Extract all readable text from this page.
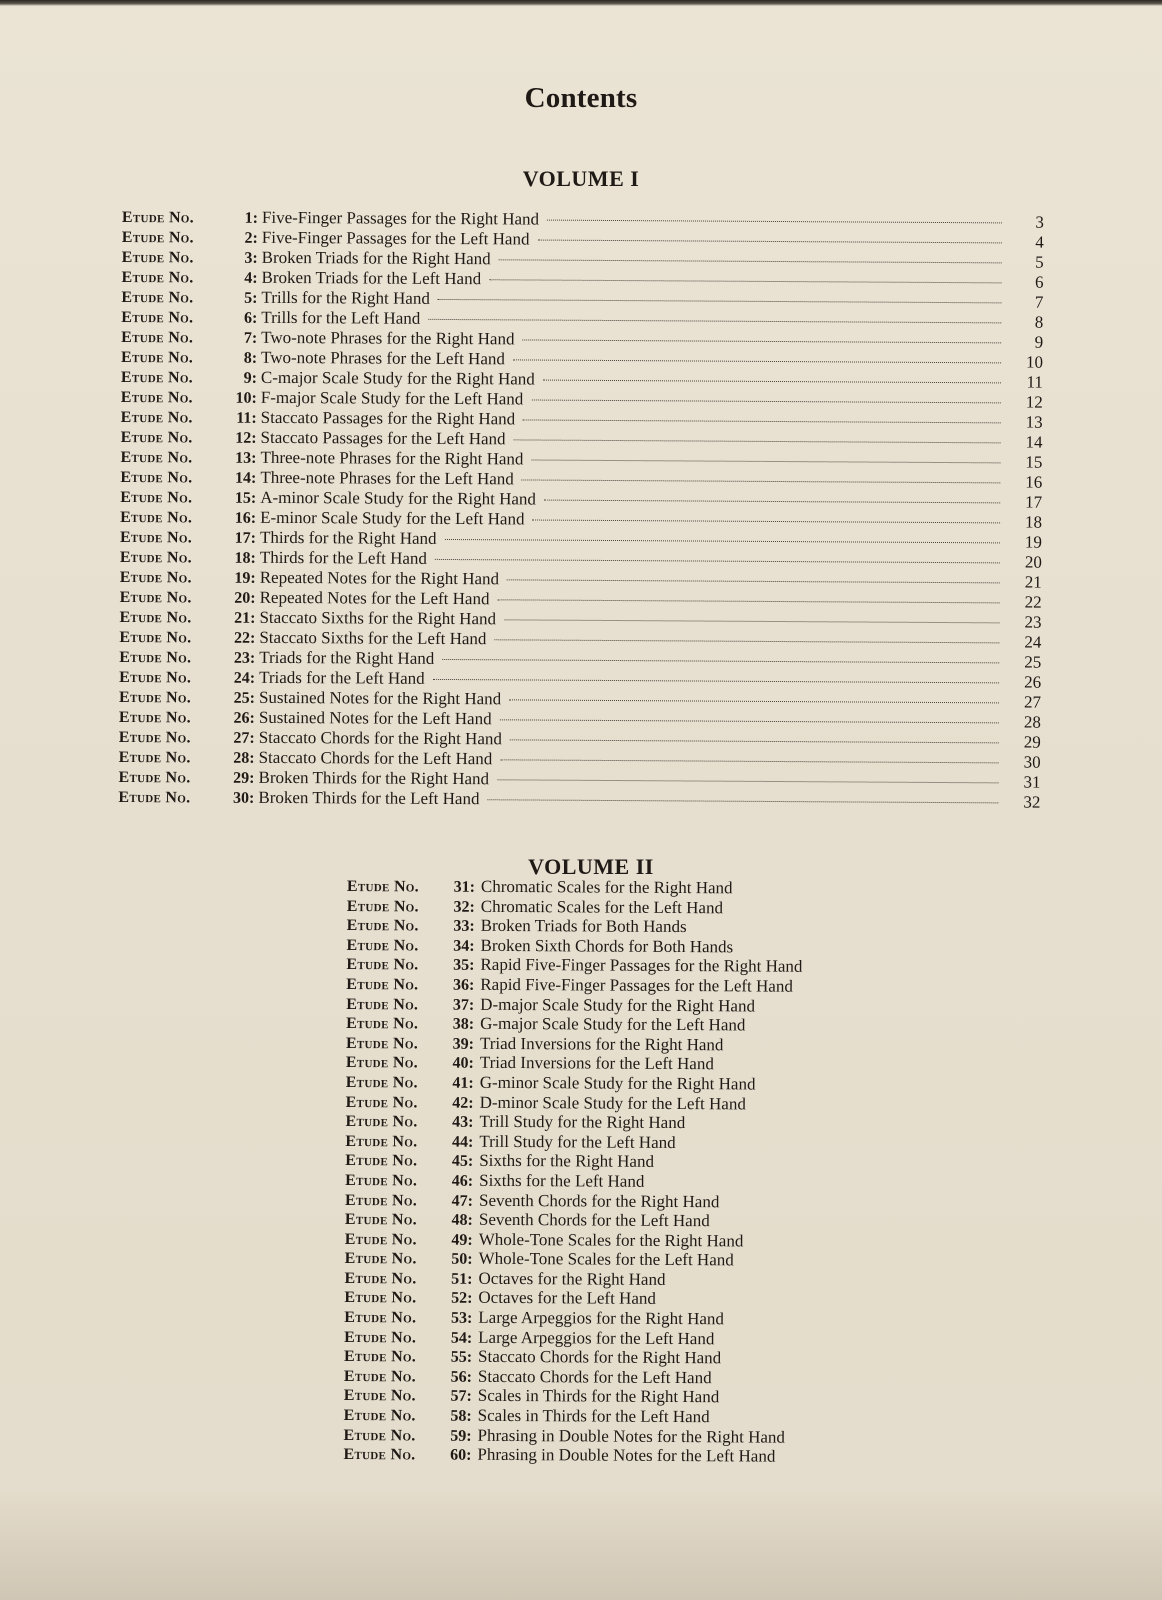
Contents
VOLUME I
Etude No.	1: Five-Finger Passages for the Right Hand	3
Etude No.	2: Five-Finger Passages for the Left Hand	4
Etude No.	3: Broken Triads for the Right Hand	5
Etude No.	4: Broken Triads for the Left Hand	6
Etude No.	5: Trills for the Right Hand	7
Etude No.	6: Trills for the Left Hand	8
Etude No.	7: Two-note Phrases for the Right Hand	9
Etude No.	8: Two-note Phrases for the Left Hand	10
Etude No.	9: C-major Scale Study for the Right Hand	11
Etude No.	10: F-major Scale Study for the Left Hand	12
Etude No.	11: Staccato Passages for the Right Hand	13
Etude No.	12: Staccato Passages for the Left Hand	14
Etude No.	13: Three-note Phrases for the Right Hand	15
Etude No.	14: Three-note Phrases for the Left Hand	16
Etude No.	15: A-minor Scale Study for the Right Hand	17
Etude No.	16: E-minor Scale Study for the Left Hand	18
Etude No.	17: Thirds for the Right Hand	19
Etude No.	18: Thirds for the Left Hand	20
Etude No.	19: Repeated Notes for the Right Hand	21
Etude No.	20: Repeated Notes for the Left Hand	22
Etude No.	21: Staccato Sixths for the Right Hand	23
Etude No.	22: Staccato Sixths for the Left Hand	24
Etude No.	23: Triads for the Right Hand	25
Etude No.	24: Triads for the Left Hand	26
Etude No.	25: Sustained Notes for the Right Hand	27
Etude No.	26: Sustained Notes for the Left Hand	28
Etude No.	27: Staccato Chords for the Right Hand	29
Etude No.	28: Staccato Chords for the Left Hand	30
Etude No.	29: Broken Thirds for the Right Hand	31
Etude No.	30: Broken Thirds for the Left Hand	32
VOLUME II
Etude No. 31: Chromatic Scales for the Right Hand
Etude No. 32: Chromatic Scales for the Left Hand
Etude No. 33: Broken Triads for Both Hands
Etude No. 34: Broken Sixth Chords for Both Hands
Etude No. 35: Rapid Five-Finger Passages for the Right Hand
Etude No. 36: Rapid Five-Finger Passages for the Left Hand
Etude No. 37: D-major Scale Study for the Right Hand
Etude No. 38: G-major Scale Study for the Left Hand
Etude No. 39: Triad Inversions for the Right Hand
Etude No. 40: Triad Inversions for the Left Hand
Etude No. 41: G-minor Scale Study for the Right Hand
Etude No. 42: D-minor Scale Study for the Left Hand
Etude No. 43: Trill Study for the Right Hand
Etude No. 44: Trill Study for the Left Hand
Etude No. 45: Sixths for the Right Hand
Etude No. 46: Sixths for the Left Hand
Etude No. 47: Seventh Chords for the Right Hand
Etude No. 48: Seventh Chords for the Left Hand
Etude No. 49: Whole-Tone Scales for the Right Hand
Etude No. 50: Whole-Tone Scales for the Left Hand
Etude No. 51: Octaves for the Right Hand
Etude No. 52: Octaves for the Left Hand
Etude No. 53: Large Arpeggios for the Right Hand
Etude No. 54: Large Arpeggios for the Left Hand
Etude No. 55: Staccato Chords for the Right Hand
Etude No. 56: Staccato Chords for the Left Hand
Etude No. 57: Scales in Thirds for the Right Hand
Etude No. 58: Scales in Thirds for the Left Hand
Etude No. 59: Phrasing in Double Notes for the Right Hand
Etude No. 60: Phrasing in Double Notes for the Left Hand
